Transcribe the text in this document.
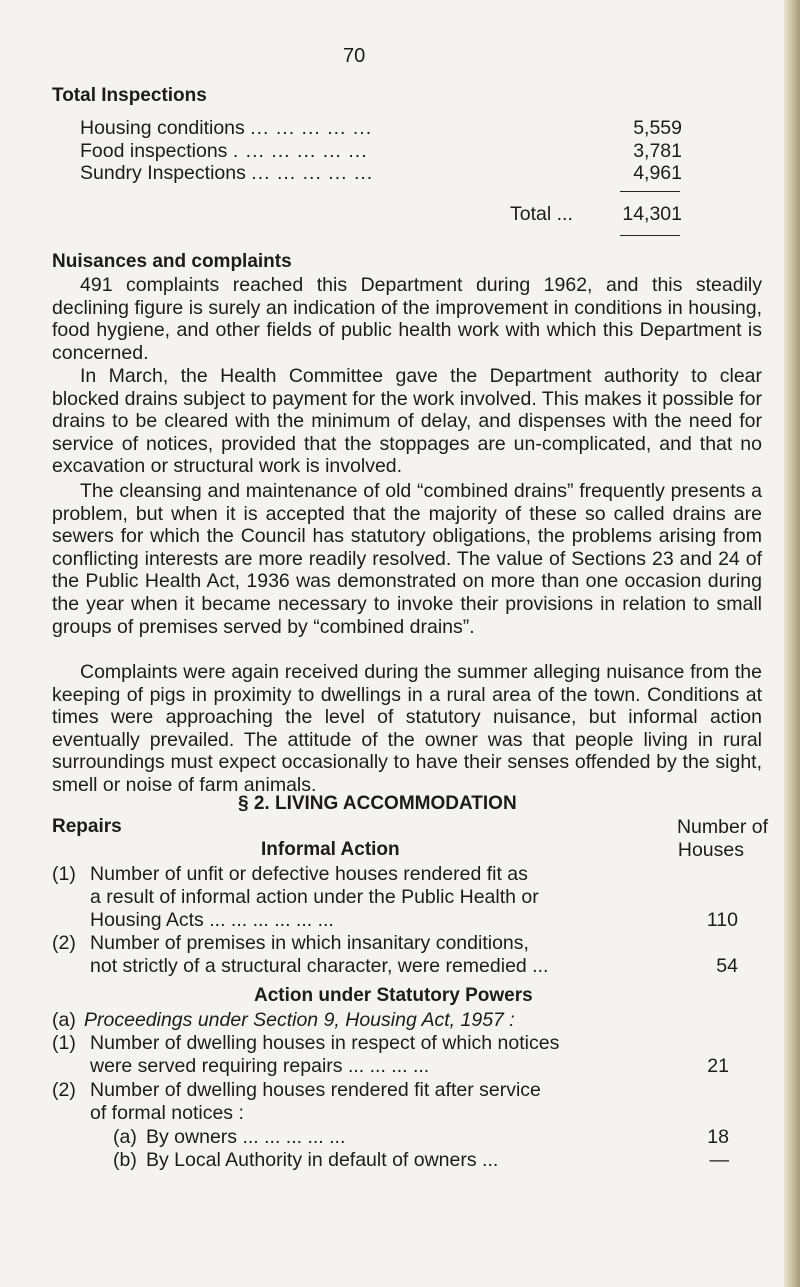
70
Total Inspections
Housing conditions ... ... ... ... ...	5,559
Food inspections . ... ... ... ... ...	3,781
Sundry Inspections ... ... ... ... ...	4,961
Total ...	14,301
Nuisances and complaints
491 complaints reached this Department during 1962, and this steadily declining figure is surely an indication of the improvement in conditions in housing, food hygiene, and other fields of public health work with which this Department is concerned.
In March, the Health Committee gave the Department authority to clear blocked drains subject to payment for the work involved. This makes it possible for drains to be cleared with the minimum of delay, and dispenses with the need for service of notices, provided that the stoppages are un-complicated, and that no excavation or structural work is involved.
The cleansing and maintenance of old “combined drains” frequently presents a problem, but when it is accepted that the majority of these so called drains are sewers for which the Council has statutory obligations, the problems arising from conflicting interests are more readily resolved. The value of Sections 23 and 24 of the Public Health Act, 1936 was demonstrated on more than one occasion during the year when it became necessary to invoke their provisions in relation to small groups of premises served by “combined drains”.
Complaints were again received during the summer alleging nuisance from the keeping of pigs in proximity to dwellings in a rural area of the town. Conditions at times were approaching the level of statutory nuisance, but informal action eventually prevailed. The attitude of the owner was that people living in rural surroundings must expect occasionally to have their senses offended by the sight, smell or noise of farm animals.
§ 2. LIVING ACCOMMODATION
Repairs	Number of
Houses
Informal Action
(1) Number of unfit or defective houses rendered fit as
a result of informal action under the Public Health or
Housing Acts ... ... ... ... ... ...	110
(2) Number of premises in which insanitary conditions,
not strictly of a structural character, were remedied ...	54
Action under Statutory Powers
(a) Proceedings under Section 9, Housing Act, 1957 :
(1) Number of dwelling houses in respect of which notices
were served requiring repairs ... ... ... ...	21
(2) Number of dwelling houses rendered fit after service
of formal notices :
(a) By owners ... ... ... ... ...	18
(b) By Local Authority in default of owners ...	—
